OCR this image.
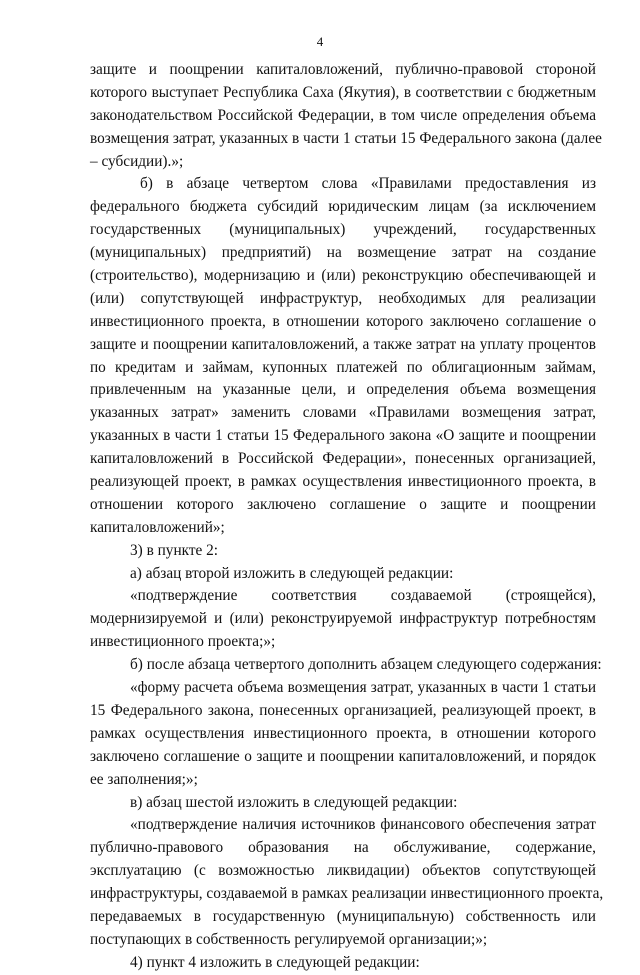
4
защите и поощрении капиталовложений, публично-правовой стороной
которого выступает Республика Саха (Якутия), в соответствии с бюджетным
законодательством Российской Федерации, в том числе определения объема
возмещения затрат, указанных в части 1 статьи 15 Федерального закона (далее
– субсидии).»;
б) в абзаце четвертом слова «Правилами предоставления из
федерального бюджета субсидий юридическим лицам (за исключением
государственных (муниципальных) учреждений, государственных
(муниципальных) предприятий) на возмещение затрат на создание
(строительство), модернизацию и (или) реконструкцию обеспечивающей и
(или) сопутствующей инфраструктур, необходимых для реализации
инвестиционного проекта, в отношении которого заключено соглашение о
защите и поощрении капиталовложений, а также затрат на уплату процентов
по кредитам и займам, купонных платежей по облигационным займам,
привлеченным на указанные цели, и определения объема возмещения
указанных затрат» заменить словами «Правилами возмещения затрат,
указанных в части 1 статьи 15 Федерального закона «О защите и поощрении
капиталовложений в Российской Федерации», понесенных организацией,
реализующей проект, в рамках осуществления инвестиционного проекта, в
отношении которого заключено соглашение о защите и поощрении
капиталовложений»;
3) в пункте 2:
а) абзац второй изложить в следующей редакции:
«подтверждение соответствия создаваемой (строящейся),
модернизируемой и (или) реконструируемой инфраструктур потребностям
инвестиционного проекта;»;
б) после абзаца четвертого дополнить абзацем следующего содержания:
«форму расчета объема возмещения затрат, указанных в части 1 статьи
15 Федерального закона, понесенных организацией, реализующей проект, в
рамках осуществления инвестиционного проекта, в отношении которого
заключено соглашение о защите и поощрении капиталовложений, и порядок
ее заполнения;»;
в) абзац шестой изложить в следующей редакции:
«подтверждение наличия источников финансового обеспечения затрат
публично-правового образования на обслуживание, содержание,
эксплуатацию (с возможностью ликвидации) объектов сопутствующей
инфраструктуры, создаваемой в рамках реализации инвестиционного проекта,
передаваемых в государственную (муниципальную) собственность или
поступающих в собственность регулируемой организации;»;
4) пункт 4 изложить в следующей редакции:
